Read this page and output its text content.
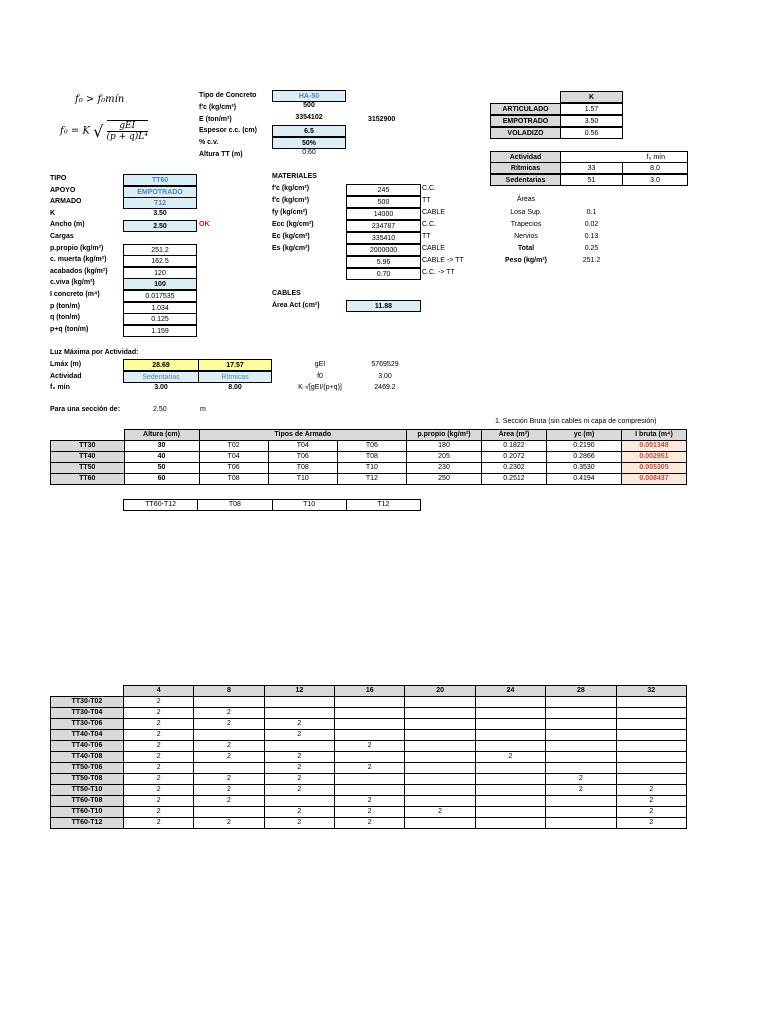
f₀ > f₀mín
f₀ = K √	gEI
(p + q)L⁴
Tipo de Concreto	HA-50
f'c (kg/cm²)	500
E (ton/m²)	3354102	3152900
Espesor c.c. (cm)	6.5
% c.v.	50%
Altura TT (m)	0.60
K
ARTICULADO	1.57
EMPOTRADO	3.50
VOLADIZO	0.56
Actividad	f₀ mín
Rítmicas	33	8.0
Sedentarias	51	3.0
TIPO	TT60
APOYO	EMPOTRADO
ARMADO	T12
K	3.50
Ancho (m)	2.50	OK
Cargas
p.propio (kg/m²)	251.2
c. muerta (kg/m²)	162.5
acabados (kg/m²)	120
c.viva (kg/m²)	100
I concreto (m⁴)	0.017535
p (ton/m)	1.034
q (ton/m)	0.125
p+q (ton/m)	1.159
MATERIALES
f'c (kg/cm²)	245	C.C.
f'c (kg/cm²)	500	TT
fy (kg/cm²)	14000	CABLE
Ecc (kg/cm²)	234787	C.C.
Ec (kg/cm²)	335410	TT
Es (kg/cm²)	2000000	CABLE
5.96	CABLE -> TT
0.70	C.C. -> TT
CABLES
Área Act (cm²)	11.88
Áreas
Losa Sup.	0.1
Trapecios	0.02
Nervios	0.13
Total	0.25
Peso (kg/m²)	251.2
Luz Máxima por Actividad:
Lmáx (m)	28.69	17.57
Actividad	Sedentarias	Rítmicas
f₀ mín	3.00	8.00
gEI	5769529
f0	3.00
K·√[gEI/(p+q)]	2469.2
Para una sección de:	2.50	m
1. Sección Bruta (sin cables ni capa de compresión)
	Altura (cm)	Tipos de Armado			p.propio (kg/m²)	Área (m²)	yc (m)	I bruta (m⁴)
TT30	30	T02	T04	T06	180	0.1822	0.2190	0.001348
TT40	40	T04	T06	T08	205	0.2072	0.2866	0.002951
TT50	50	T06	T08	T10	230	0.2302	0.3530	0.005305
TT60	60	T08	T10	T12	250	0.2512	0.4194	0.008437
TT60-T12	T08	T10	T12
	4	8	12	16	20	24	28	32
TT30-T02	2							
TT30-T04	2	2						
TT30-T06	2	2	2					
TT40-T04	2		2					
TT40-T06	2	2		2				
TT40-T08	2	2	2			2		
TT50-T06	2		2	2				
TT50-T08	2	2	2				2	
TT50-T10	2	2	2				2	2
TT60-T08	2	2		2				2
TT60-T10	2		2	2	2			2
TT60-T12	2	2	2	2				2
